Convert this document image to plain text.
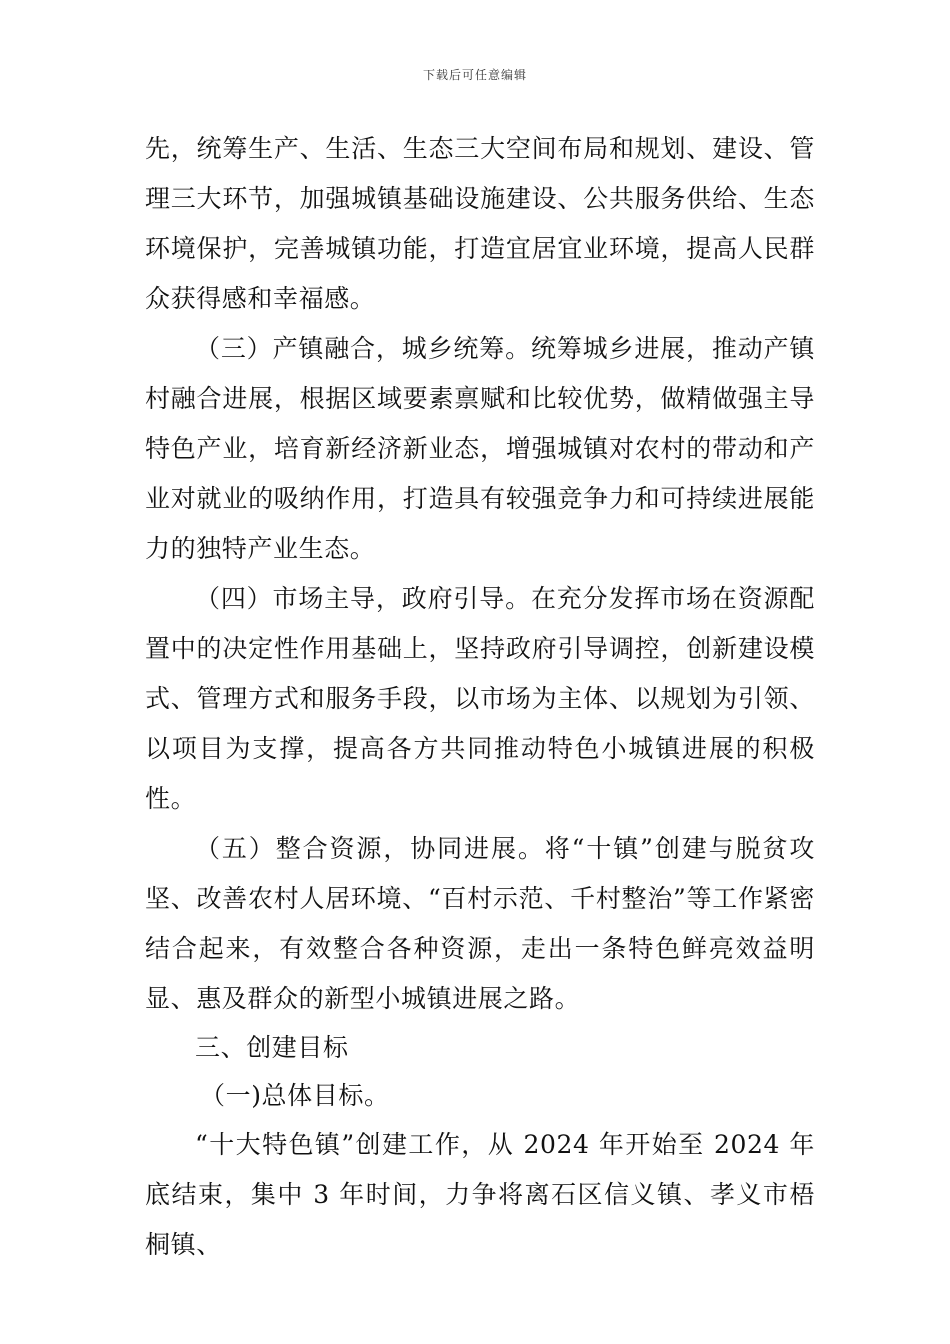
下载后可任意编辑

先，统筹生产、生活、生态三大空间布局和规划、建设、管理三大环节，加强城镇基础设施建设、公共服务供给、生态环境保护，完善城镇功能，打造宜居宜业环境，提高人民群众获得感和幸福感。

（三）产镇融合，城乡统筹。统筹城乡进展，推动产镇村融合进展，根据区域要素禀赋和比较优势，做精做强主导特色产业，培育新经济新业态，增强城镇对农村的带动和产业对就业的吸纳作用，打造具有较强竞争力和可持续进展能力的独特产业生态。

（四）市场主导，政府引导。在充分发挥市场在资源配置中的决定性作用基础上，坚持政府引导调控，创新建设模式、管理方式和服务手段，以市场为主体、以规划为引领、以项目为支撑，提高各方共同推动特色小城镇进展的积极性。

（五）整合资源，协同进展。将“十镇”创建与脱贫攻坚、改善农村人居环境、“百村示范、千村整治”等工作紧密结合起来，有效整合各种资源，走出一条特色鲜亮效益明显、惠及群众的新型小城镇进展之路。

三、创建目标

（一)总体目标。

“十大特色镇”创建工作，从 2024 年开始至 2024 年底结束，集中 3 年时间，力争将离石区信义镇、孝义市梧桐镇、
